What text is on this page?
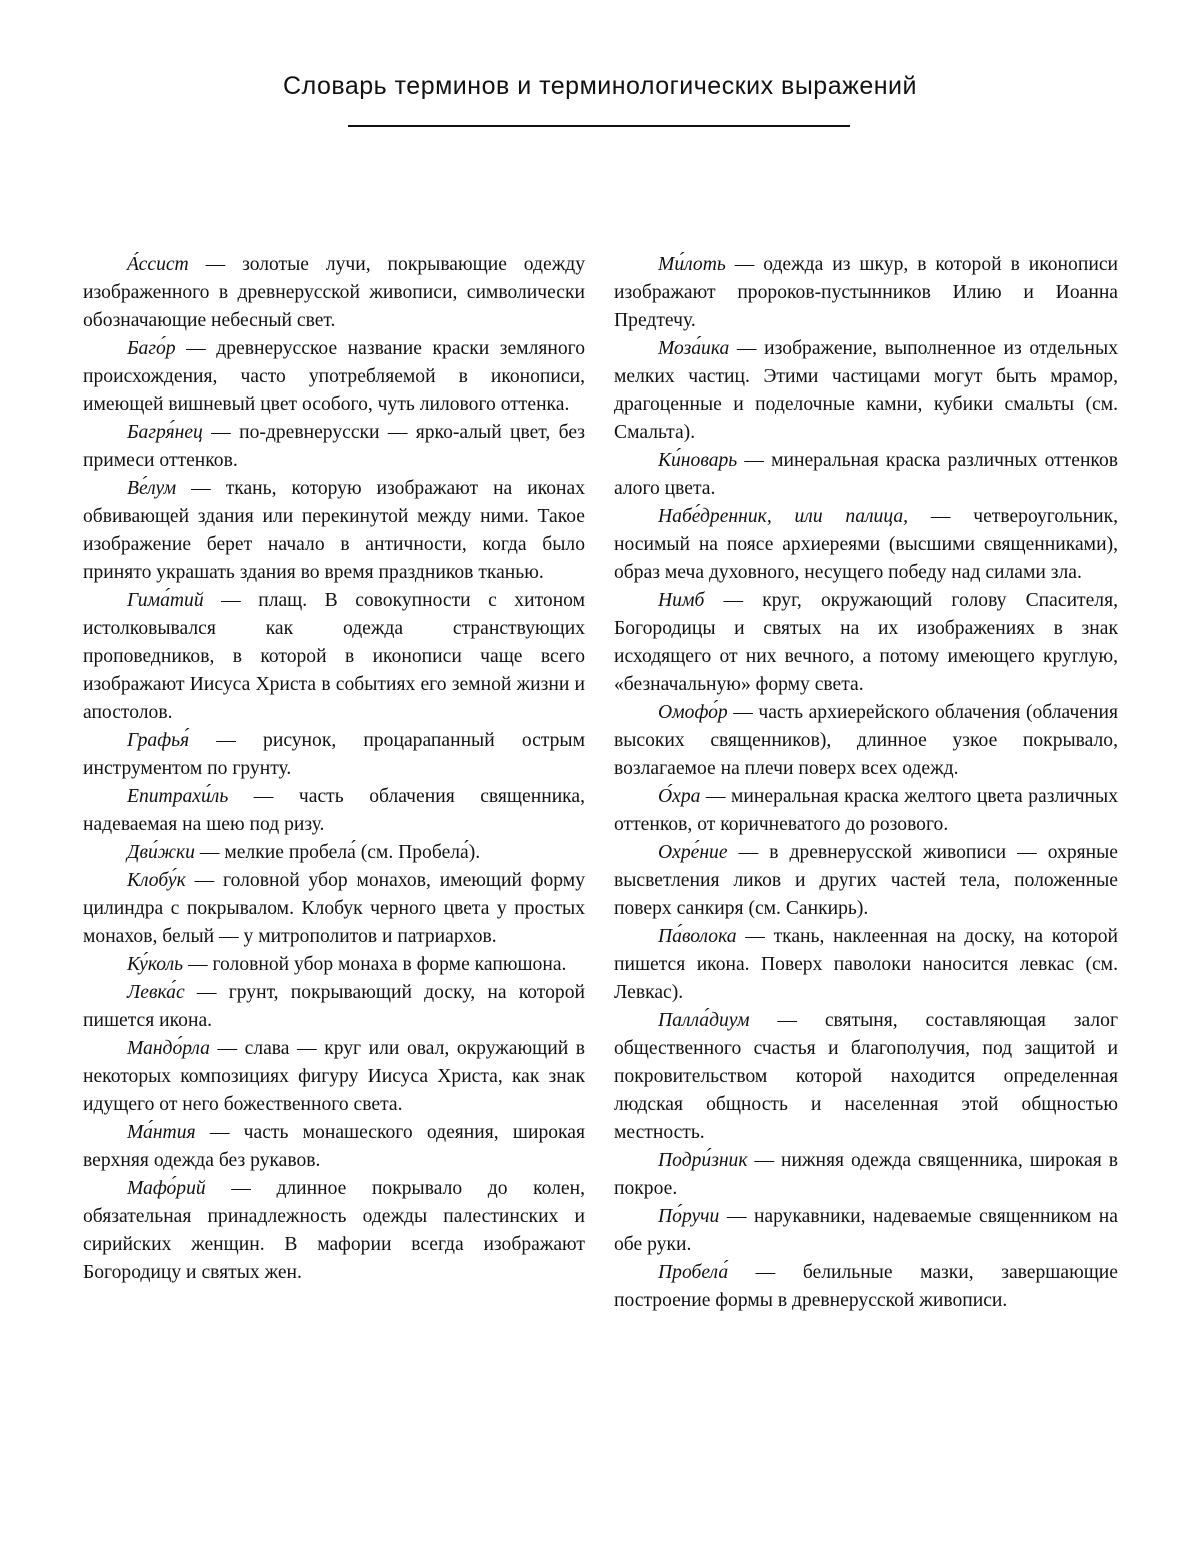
Словарь терминов и терминологических выражений

А́ссист — золотые лучи, покрывающие одежду изображенного в древнерусской живописи, символически обозначающие небесный свет.

Баго́р — древнерусское название краски земляного происхождения, часто употребляемой в иконописи, имеющей вишневый цвет особого, чуть лилового оттенка.

Багря́нец — по-древнерусски — ярко-алый цвет, без примеси оттенков.

Ве́лум — ткань, которую изображают на иконах обвивающей здания или перекинутой между ними. Такое изображение берет начало в античности, когда было принято украшать здания во время праздников тканью.

Гима́тий — плащ. В совокупности с хитоном истолковывался как одежда странствующих проповедников, в которой в иконописи чаще всего изображают Иисуса Христа в событиях его земной жизни и апостолов.

Графья́ — рисунок, процарапанный острым инструментом по грунту.

Епитрахи́ль — часть облачения священника, надеваемая на шею под ризу.

Дви́жки — мелкие пробела́ (см. Пробела́).

Клобу́к — головной убор монахов, имеющий форму цилиндра с покрывалом. Клобук черного цвета у простых монахов, белый — у митрополитов и патриархов.

Ку́коль — головной убор монаха в форме капюшона.

Левка́с — грунт, покрывающий доску, на которой пишется икона.

Мандо́рла — слава — круг или овал, окружающий в некоторых композициях фигуру Иисуса Христа, как знак идущего от него божественного света.

Ма́нтия — часть монашеского одеяния, широкая верхняя одежда без рукавов.

Мафо́рий — длинное покрывало до колен, обязательная принадлежность одежды палестинских и сирийских женщин. В мафории всегда изображают Богородицу и святых жен.

Ми́лоть — одежда из шкур, в которой в иконописи изображают пророков-пустынников Илию и Иоанна Предтечу.

Моза́ика — изображение, выполненное из отдельных мелких частиц. Этими частицами могут быть мрамор, драгоценные и поделочные камни, кубики смальты (см. Смальта).

Ки́новарь — минеральная краска различных оттенков алого цвета.

Набе́дренник, или палица, — четвероугольник, носимый на поясе архиереями (высшими священниками), образ меча духовного, несущего победу над силами зла.

Нимб — круг, окружающий голову Спасителя, Богородицы и святых на их изображениях в знак исходящего от них вечного, а потому имеющего круглую, «безначальную» форму света.

Омофо́р — часть архиерейского облачения (облачения высоких священников), длинное узкое покрывало, возлагаемое на плечи поверх всех одежд.

О́хра — минеральная краска желтого цвета различных оттенков, от коричневатого до розового.

Охре́ние — в древнерусской живописи — охряные высветления ликов и других частей тела, положенные поверх санкиря (см. Санкирь).

Па́волока — ткань, наклеенная на доску, на которой пишется икона. Поверх паволоки наносится левкас (см. Левкас).

Палла́диум — святыня, составляющая залог общественного счастья и благополучия, под защитой и покровительством которой находится определенная людская общность и населенная этой общностью местность.

Подри́зник — нижняя одежда священника, широкая в покрое.

По́ручи — нарукавники, надеваемые священником на обе руки.

Пробела́ — белильные мазки, завершающие построение формы в древнерусской живописи.
